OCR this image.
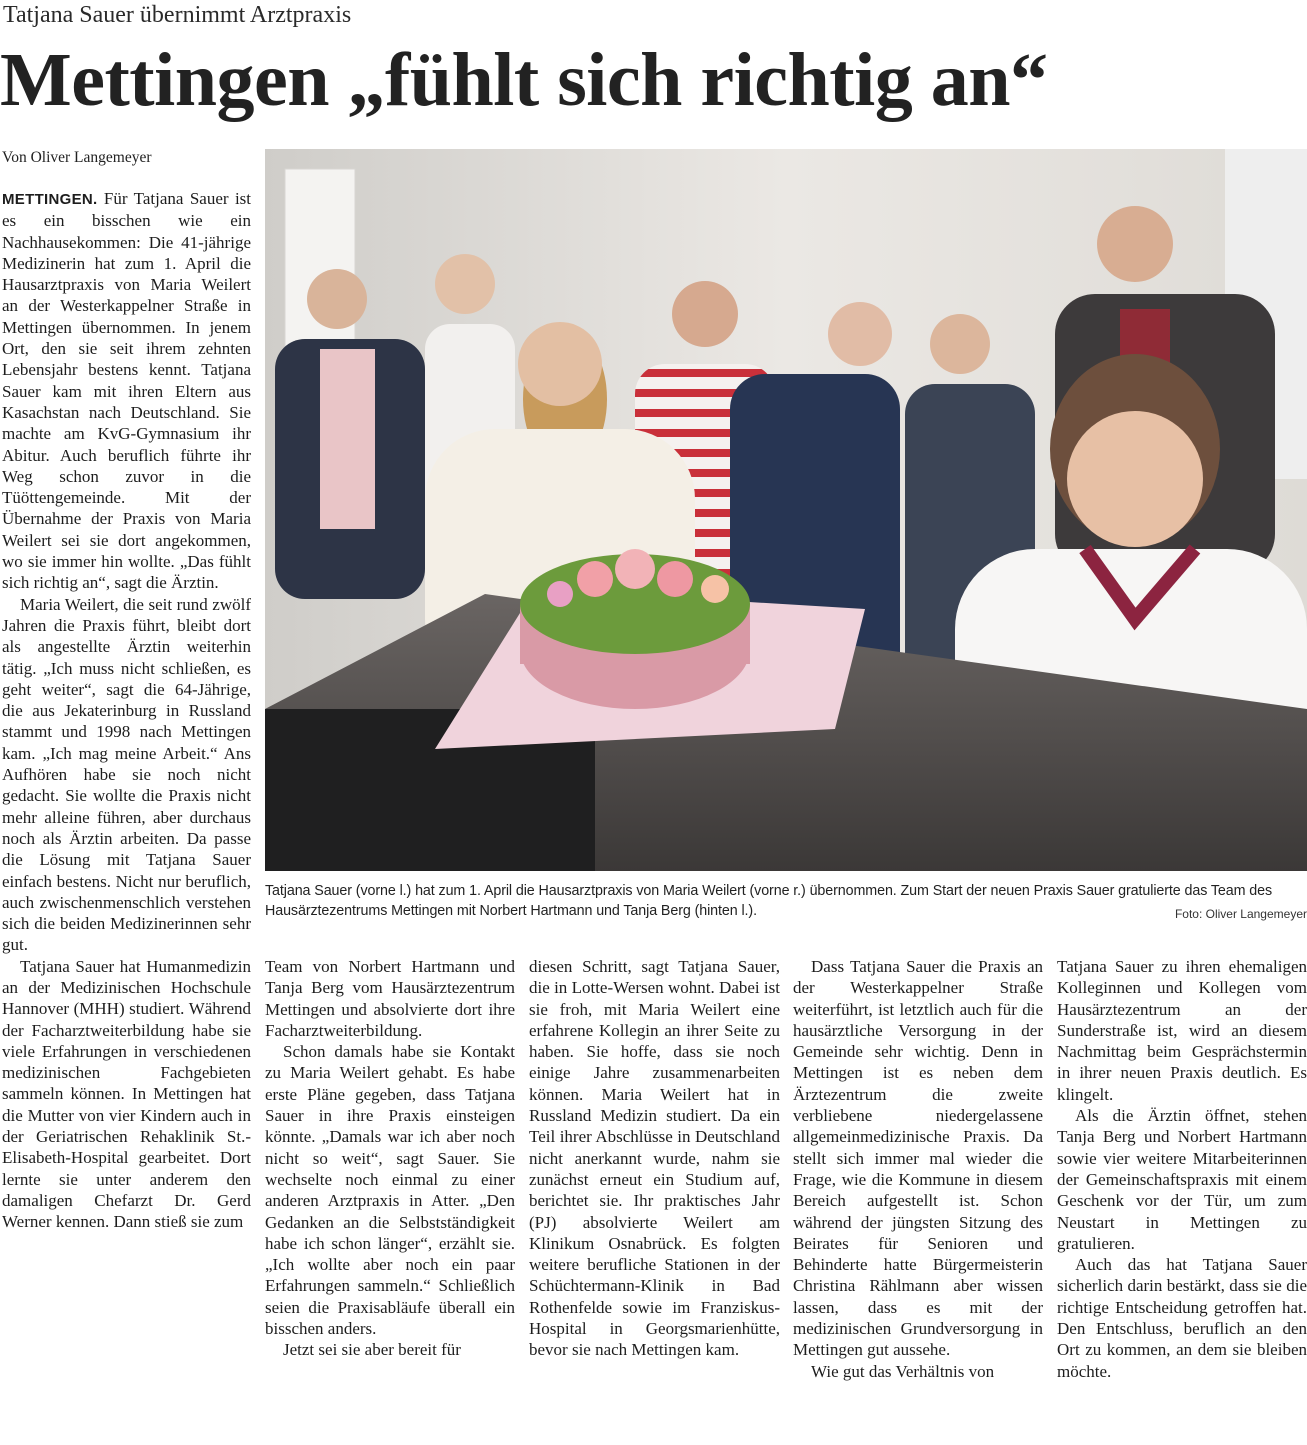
Tatjana Sauer übernimmt Arztpraxis
Mettingen „fühlt sich richtig an“
Von Oliver Langemeyer

METTINGEN. Für Tatjana Sauer ist es ein bisschen wie ein Nachhausekommen: Die 41-jährige Medizinerin hat zum 1. April die Hausarztpraxis von Maria Weilert an der Westerkappelner Straße in Mettingen übernommen. In jenem Ort, den sie seit ihrem zehnten Lebensjahr bestens kennt. Tatjana Sauer kam mit ihren Eltern aus Kasachstan nach Deutschland. Sie machte am KvG-Gymnasium ihr Abitur. Auch beruflich führte ihr Weg schon zuvor in die Tüöttengemeinde. Mit der Übernahme der Praxis von Maria Weilert sei sie dort angekommen, wo sie immer hin wollte. „Das fühlt sich richtig an“, sagt die Ärztin.

Maria Weilert, die seit rund zwölf Jahren die Praxis führt, bleibt dort als angestellte Ärztin weiterhin tätig. „Ich muss nicht schließen, es geht weiter“, sagt die 64-Jährige, die aus Jekaterinburg in Russland stammt und 1998 nach Mettingen kam. „Ich mag meine Arbeit.“ Ans Aufhören habe sie noch nicht gedacht. Sie wollte die Praxis nicht mehr alleine führen, aber durchaus noch als Ärztin arbeiten. Da passe die Lösung mit Tatjana Sauer einfach bestens. Nicht nur beruflich, auch zwischenmenschlich verstehen sich die beiden Medizinerinnen sehr gut.

Tatjana Sauer hat Humanmedizin an der Medizinischen Hochschule Hannover (MHH) studiert. Während der Facharztweiterbildung habe sie viele Erfahrungen in verschiedenen medizinischen Fachgebieten sammeln können. In Mettingen hat die Mutter von vier Kindern auch in der Geriatrischen Rehaklinik St.-Elisabeth-Hospital gearbeitet. Dort lernte sie unter anderem den damaligen Chefarzt Dr. Gerd Werner kennen. Dann stieß sie zum

Tatjana Sauer (vorne l.) hat zum 1. April die Hausarztpraxis von Maria Weilert (vorne r.) übernommen. Zum Start der neuen Praxis Sauer gratulierte das Team des Hausärztezentrums Mettingen mit Norbert Hartmann und Tanja Berg (hinten l.).	Foto: Oliver Langemeyer

Team von Norbert Hartmann und Tanja Berg vom Hausärztezentrum Mettingen und absolvierte dort ihre Facharztweiterbildung.

Schon damals habe sie Kontakt zu Maria Weilert gehabt. Es habe erste Pläne gegeben, dass Tatjana Sauer in ihre Praxis einsteigen könnte. „Damals war ich aber noch nicht so weit“, sagt Sauer. Sie wechselte noch einmal zu einer anderen Arztpraxis in Atter. „Den Gedanken an die Selbstständigkeit habe ich schon länger“, erzählt sie. „Ich wollte aber noch ein paar Erfahrungen sammeln.“ Schließlich seien die Praxisabläufe überall ein bisschen anders.

Jetzt sei sie aber bereit für

diesen Schritt, sagt Tatjana Sauer, die in Lotte-Wersen wohnt. Dabei ist sie froh, mit Maria Weilert eine erfahrene Kollegin an ihrer Seite zu haben. Sie hoffe, dass sie noch einige Jahre zusammenarbeiten können. Maria Weilert hat in Russland Medizin studiert. Da ein Teil ihrer Abschlüsse in Deutschland nicht anerkannt wurde, nahm sie zunächst erneut ein Studium auf, berichtet sie. Ihr praktisches Jahr (PJ) absolvierte Weilert am Klinikum Osnabrück. Es folgten weitere berufliche Stationen in der Schüchtermann-Klinik in Bad Rothenfelde sowie im Franziskus-Hospital in Georgsmarienhütte, bevor sie nach Mettingen kam.

Dass Tatjana Sauer die Praxis an der Westerkappelner Straße weiterführt, ist letztlich auch für die hausärztliche Versorgung in der Gemeinde sehr wichtig. Denn in Mettingen ist es neben dem Ärztezentrum die zweite verbliebene niedergelassene allgemeinmedizinische Praxis. Da stellt sich immer mal wieder die Frage, wie die Kommune in diesem Bereich aufgestellt ist. Schon während der jüngsten Sitzung des Beirates für Senioren und Behinderte hatte Bürgermeisterin Christina Rählmann aber wissen lassen, dass es mit der medizinischen Grundversorgung in Mettingen gut aussehe.

Wie gut das Verhältnis von

Tatjana Sauer zu ihren ehemaligen Kolleginnen und Kollegen vom Hausärztezentrum an der Sunderstraße ist, wird an diesem Nachmittag beim Gesprächstermin in ihrer neuen Praxis deutlich. Es klingelt.

Als die Ärztin öffnet, stehen Tanja Berg und Norbert Hartmann sowie vier weitere Mitarbeiterinnen der Gemeinschaftspraxis mit einem Geschenk vor der Tür, um zum Neustart in Mettingen zu gratulieren.

Auch das hat Tatjana Sauer sicherlich darin bestärkt, dass sie die richtige Entscheidung getroffen hat. Den Entschluss, beruflich an den Ort zu kommen, an dem sie bleiben möchte.
